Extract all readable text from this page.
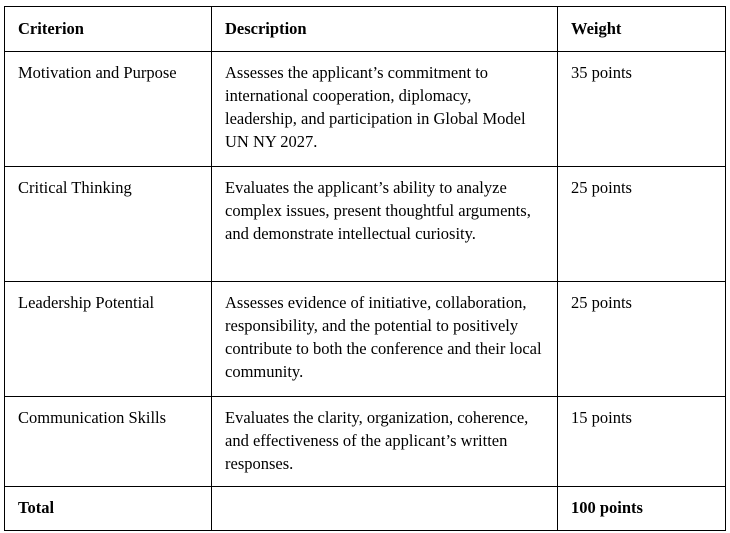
Criterion	Description	Weight
Motivation and Purpose	Assesses the applicant’s commitment to international cooperation, diplomacy, leadership, and participation in Global Model UN NY 2027.	35 points
Critical Thinking	Evaluates the applicant’s ability to analyze complex issues, present thoughtful arguments, and demonstrate intellectual curiosity.	25 points
Leadership Potential	Assesses evidence of initiative, collaboration, responsibility, and the potential to positively contribute to both the conference and their local community.	25 points
Communication Skills	Evaluates the clarity, organization, coherence, and effectiveness of the applicant’s written responses.	15 points
Total		100 points
